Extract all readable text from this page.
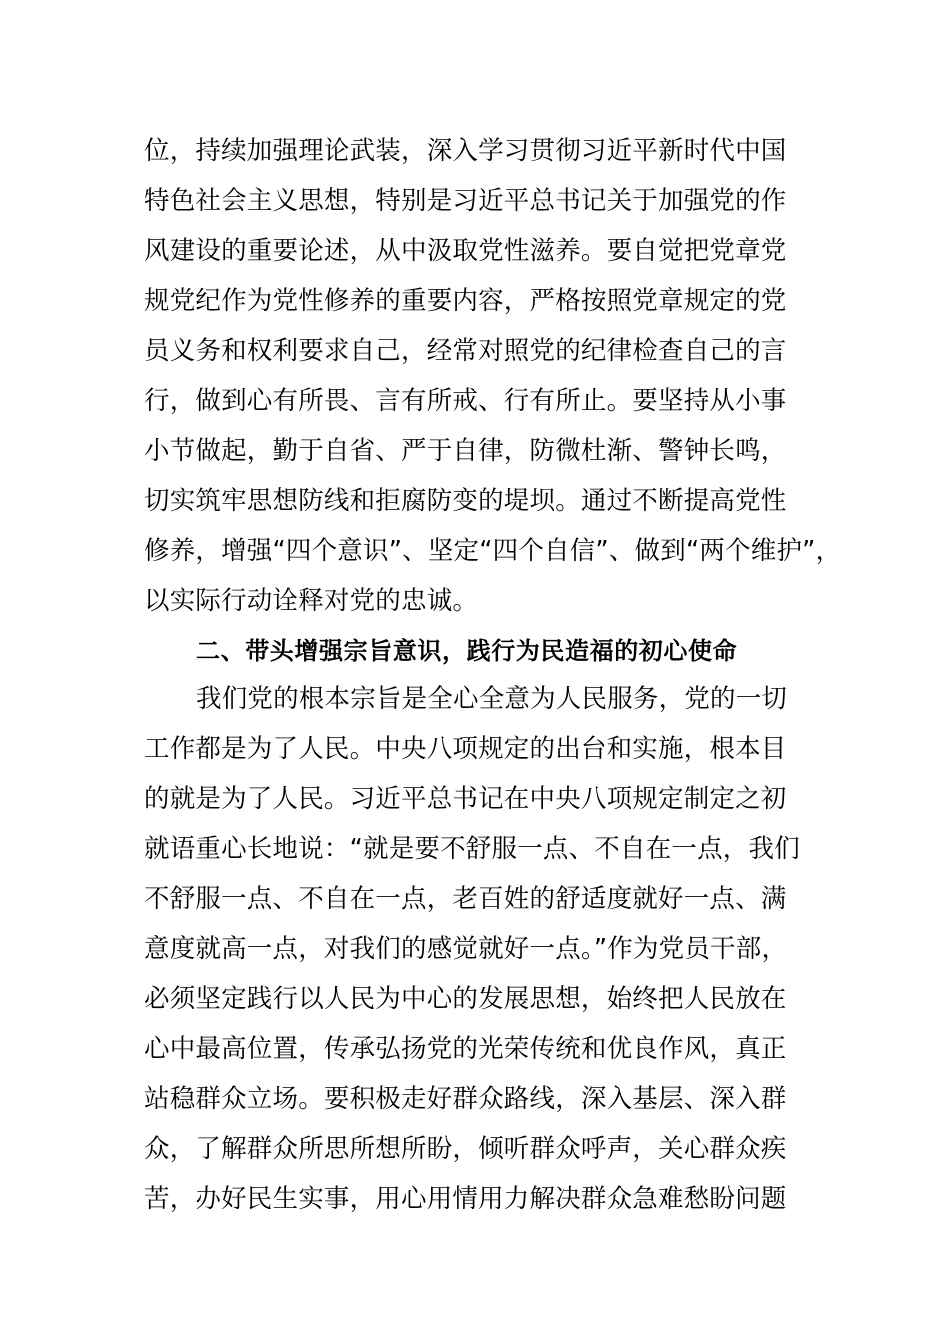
位，持续加强理论武装，深入学习贯彻习近平新时代中国
特色社会主义思想，特别是习近平总书记关于加强党的作
风建设的重要论述，从中汲取党性滋养。要自觉把党章党
规党纪作为党性修养的重要内容，严格按照党章规定的党
员义务和权利要求自己，经常对照党的纪律检查自己的言
行，做到心有所畏、言有所戒、行有所止。要坚持从小事
小节做起，勤于自省、严于自律，防微杜渐、警钟长鸣，
切实筑牢思想防线和拒腐防变的堤坝。通过不断提高党性
修养，增强“四个意识”、坚定“四个自信”、做到“两个维护”，
以实际行动诠释对党的忠诚。
二、带头增强宗旨意识，践行为民造福的初心使命
我们党的根本宗旨是全心全意为人民服务，党的一切
工作都是为了人民。中央八项规定的出台和实施，根本目
的就是为了人民。习近平总书记在中央八项规定制定之初
就语重心长地说：“就是要不舒服一点、不自在一点，我们
不舒服一点、不自在一点，老百姓的舒适度就好一点、满
意度就高一点，对我们的感觉就好一点。”作为党员干部，
必须坚定践行以人民为中心的发展思想，始终把人民放在
心中最高位置，传承弘扬党的光荣传统和优良作风，真正
站稳群众立场。要积极走好群众路线，深入基层、深入群
众，了解群众所思所想所盼，倾听群众呼声，关心群众疾
苦，办好民生实事，用心用情用力解决群众急难愁盼问题
